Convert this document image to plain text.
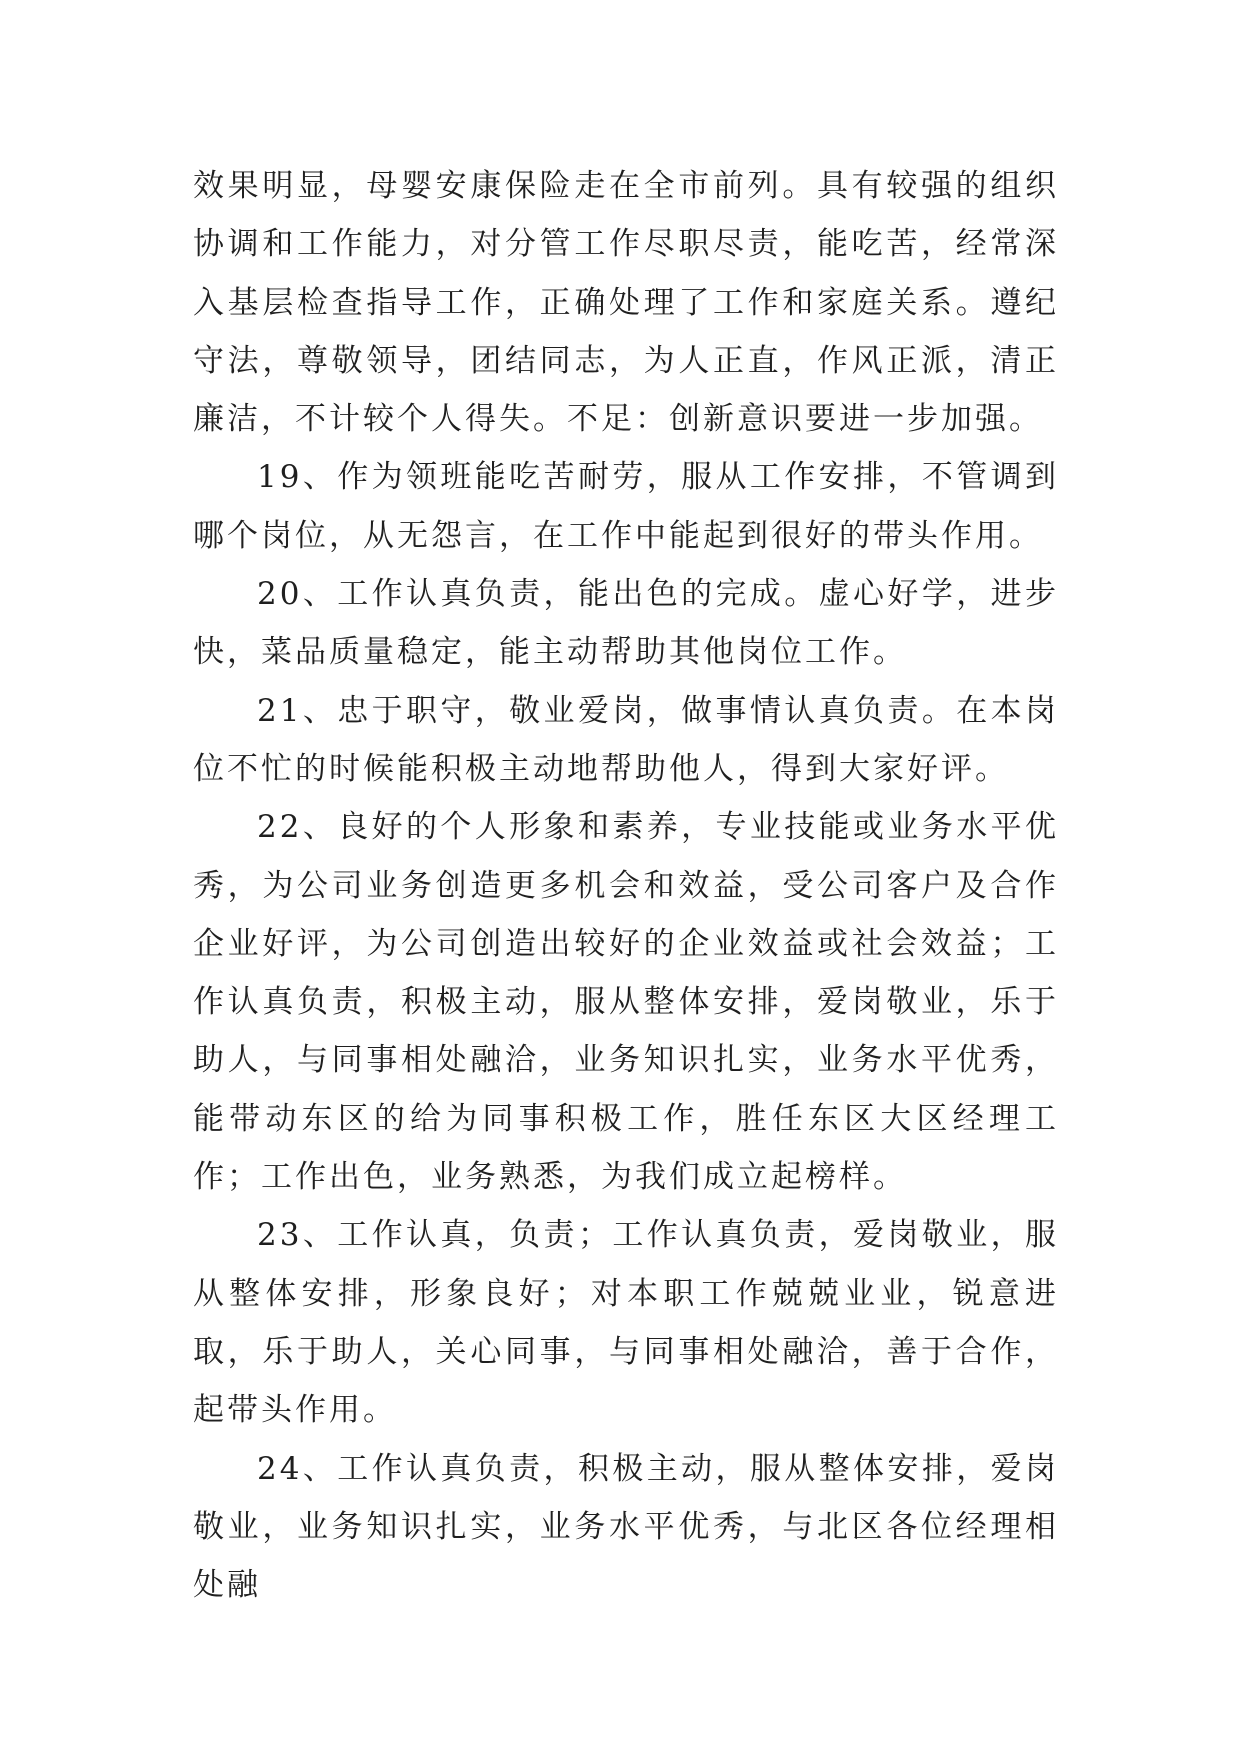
效果明显，母婴安康保险走在全市前列。具有较强的组织协调和工作能力，对分管工作尽职尽责，能吃苦，经常深入基层检查指导工作，正确处理了工作和家庭关系。遵纪守法，尊敬领导，团结同志，为人正直，作风正派，清正廉洁，不计较个人得失。不足：创新意识要进一步加强。

19、作为领班能吃苦耐劳，服从工作安排，不管调到哪个岗位，从无怨言，在工作中能起到很好的带头作用。

20、工作认真负责，能出色的完成。虚心好学，进步快，菜品质量稳定，能主动帮助其他岗位工作。

21、忠于职守，敬业爱岗，做事情认真负责。在本岗位不忙的时候能积极主动地帮助他人，得到大家好评。

22、良好的个人形象和素养，专业技能或业务水平优秀，为公司业务创造更多机会和效益，受公司客户及合作企业好评，为公司创造出较好的企业效益或社会效益；工作认真负责，积极主动，服从整体安排，爱岗敬业，乐于助人，与同事相处融洽，业务知识扎实，业务水平优秀，能带动东区的给为同事积极工作，胜任东区大区经理工作；工作出色，业务熟悉，为我们成立起榜样。

23、工作认真，负责；工作认真负责，爱岗敬业，服从整体安排，形象良好；对本职工作兢兢业业，锐意进取，乐于助人，关心同事，与同事相处融洽，善于合作，起带头作用。

24、工作认真负责，积极主动，服从整体安排，爱岗敬业，业务知识扎实，业务水平优秀，与北区各位经理相处融
